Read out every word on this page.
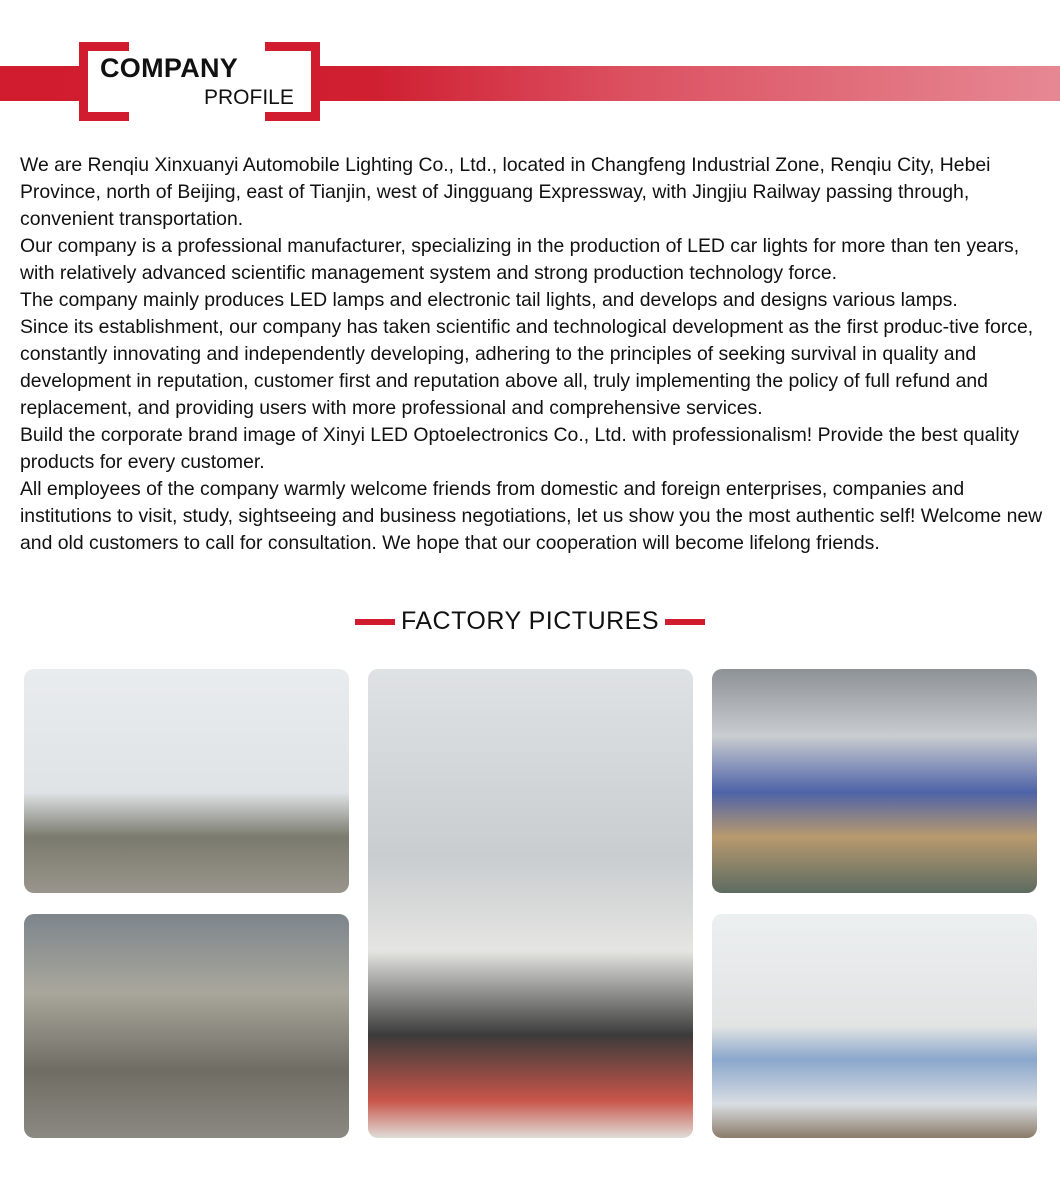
COMPANY
PROFILE

We are Renqiu Xinxuanyi Automobile Lighting Co., Ltd., located in Changfeng Industrial Zone, Renqiu City, Hebei Province, north of Beijing, east of Tianjin, west of Jingguang Expressway, with Jingjiu Railway passing through, convenient transportation.

Our company is a professional manufacturer, specializing in the production of LED car lights for more than ten years, with relatively advanced scientific management system and strong production technology force.

The company mainly produces LED lamps and electronic tail lights, and develops and designs various lamps.

Since its establishment, our company has taken scientific and technological development as the first produc-tive force, constantly innovating and independently developing, adhering to the principles of seeking survival in quality and development in reputation, customer first and reputation above all, truly implementing the policy of full refund and replacement, and providing users with more professional and comprehensive services.

Build the corporate brand image of Xinyi LED Optoelectronics Co., Ltd. with professionalism! Provide the best quality products for every customer.

All employees of the company warmly welcome friends from domestic and foreign enterprises, companies and institutions to visit, study, sightseeing and business negotiations, let us show you the most authentic self! Welcome new and old customers to call for consultation. We hope that our cooperation will become lifelong friends.

FACTORY PICTURES
